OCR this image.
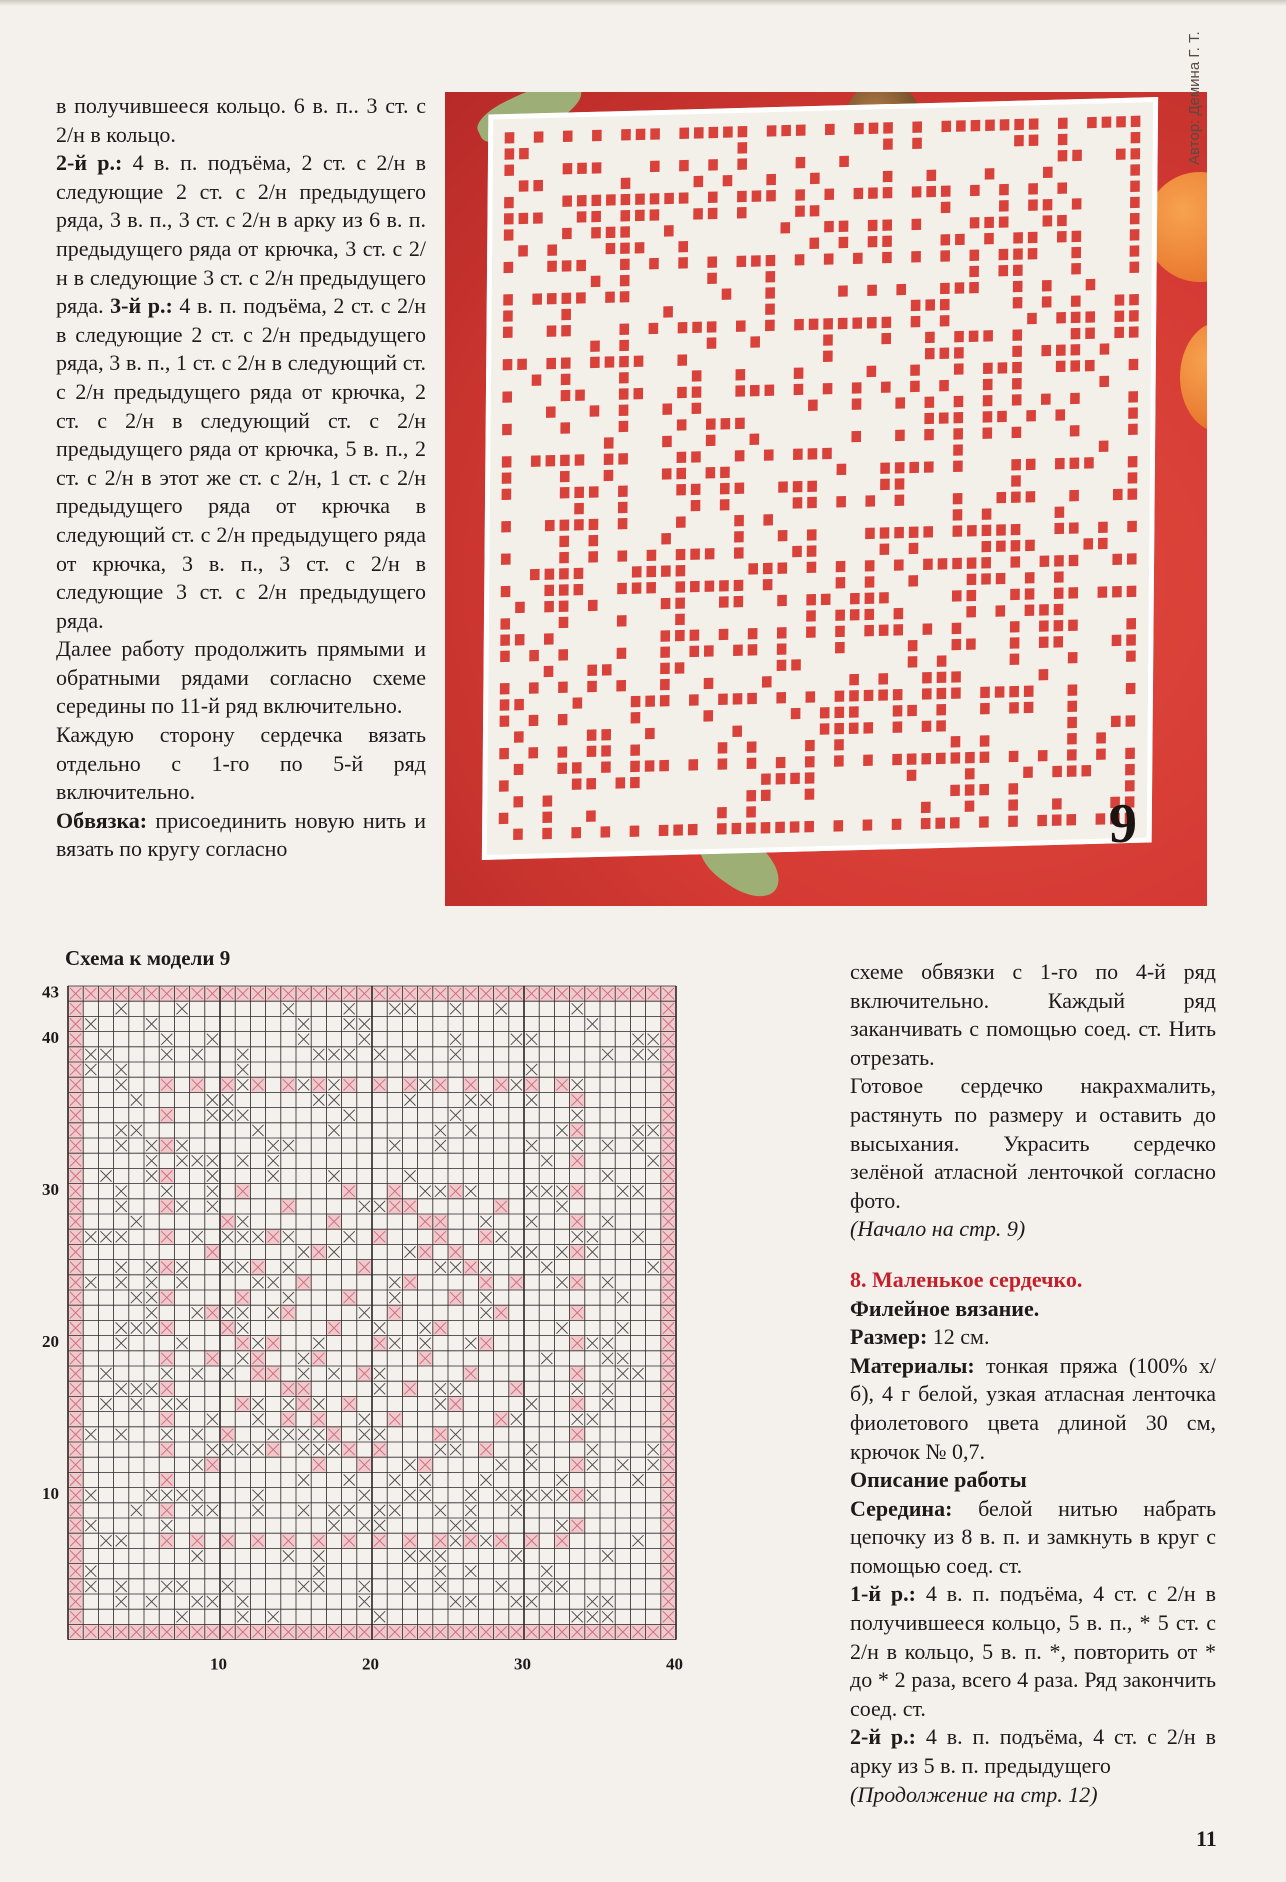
в получившееся кольцо. 6 в. п.. 3 ст. с 2/н в кольцо.

2-й р.: 4 в. п. подъёма, 2 ст. с 2/н в следующие 2 ст. с 2/н предыдущего ряда, 3 в. п., 3 ст. с 2/н в арку из 6 в. п. предыдущего ряда от крючка, 3 ст. с 2/н в следующие 3 ст. с 2/н предыдущего ряда. 3-й р.: 4 в. п. подъёма, 2 ст. с 2/н в следующие 2 ст. с 2/н предыдущего ряда, 3 в. п., 1 ст. с 2/н в следующий ст. с 2/н предыдущего ряда от крючка, 2 ст. с 2/н в следующий ст. с 2/н предыдущего ряда от крючка, 5 в. п., 2 ст. с 2/н в этот же ст. с 2/н, 1 ст. с 2/н предыдущего ряда от крючка в следующий ст. с 2/н предыдущего ряда от крючка, 3 в. п., 3 ст. с 2/н в следующие 3 ст. с 2/н предыдущего ряда.

Далее работу продолжить прямыми и обратными рядами согласно схеме середины по 11-й ряд включительно.

Каждую сторону сердечка вязать отдельно с 1-го по 5-й ряд включительно.

Обвязка: присоединить новую нить и вязать по кругу согласно	9
Автор: Демина Г. Т.
Схема к модели 9
43
40
30
20
10
10	20	30	40

схеме обвязки с 1-го по 4-й ряд включительно. Каждый ряд заканчивать с помощью соед. ст. Нить отрезать.

Готовое сердечко накрахмалить, растянуть по размеру и оставить до высыхания. Украсить сердечко зелёной атласной ленточкой согласно фото.

(Начало на стр. 9)

8. Маленькое сердечко.

Филейное вязание.

Размер: 12 см.

Материалы: тонкая пряжа (100% х/б), 4 г белой, узкая атласная ленточка фиолетового цвета длиной 30 см, крючок № 0,7.

Описание работы

Середина: белой нитью набрать цепочку из 8 в. п. и замкнуть в круг с помощью соед. ст.

1-й р.: 4 в. п. подъёма, 4 ст. с 2/н в получившееся кольцо, 5 в. п., * 5 ст. с 2/н в кольцо, 5 в. п. *, повторить от * до * 2 раза, всего 4 раза. Ряд закончить соед. ст.

2-й р.: 4 в. п. подъёма, 4 ст. с 2/н в арку из 5 в. п. предыдущего

(Продолжение на стр. 12)

11
